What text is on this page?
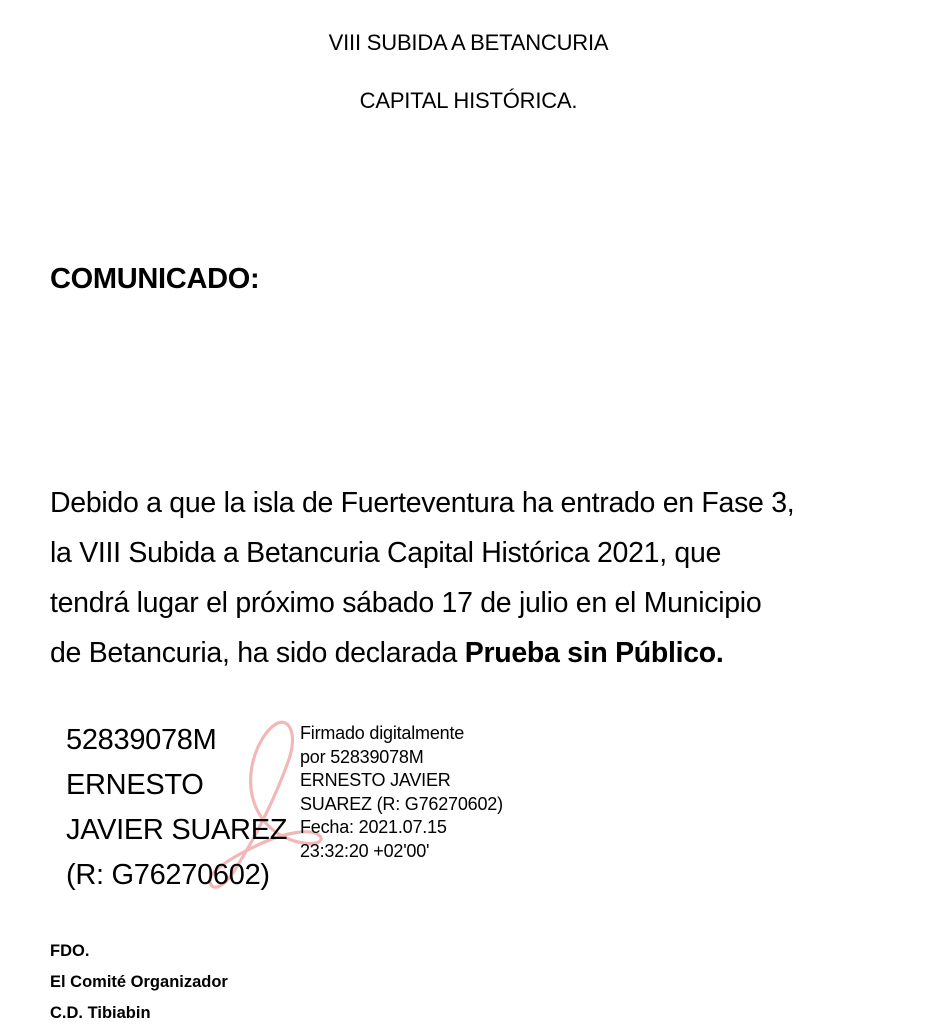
VIII SUBIDA A BETANCURIA
CAPITAL HISTÓRICA.
COMUNICADO:
Debido a que la isla de Fuerteventura ha entrado en Fase 3,
la VIII Subida a Betancuria Capital Histórica 2021, que
tendrá lugar el próximo sábado 17 de julio en el Municipio
de Betancuria, ha sido declarada Prueba sin Público.
52839078M
ERNESTO
JAVIER SUAREZ
(R: G76270602)
Firmado digitalmente
por 52839078M
ERNESTO JAVIER
SUAREZ (R: G76270602)
Fecha: 2021.07.15
23:32:20 +02'00'
FDO.
El Comité Organizador
C.D. Tibiabin
